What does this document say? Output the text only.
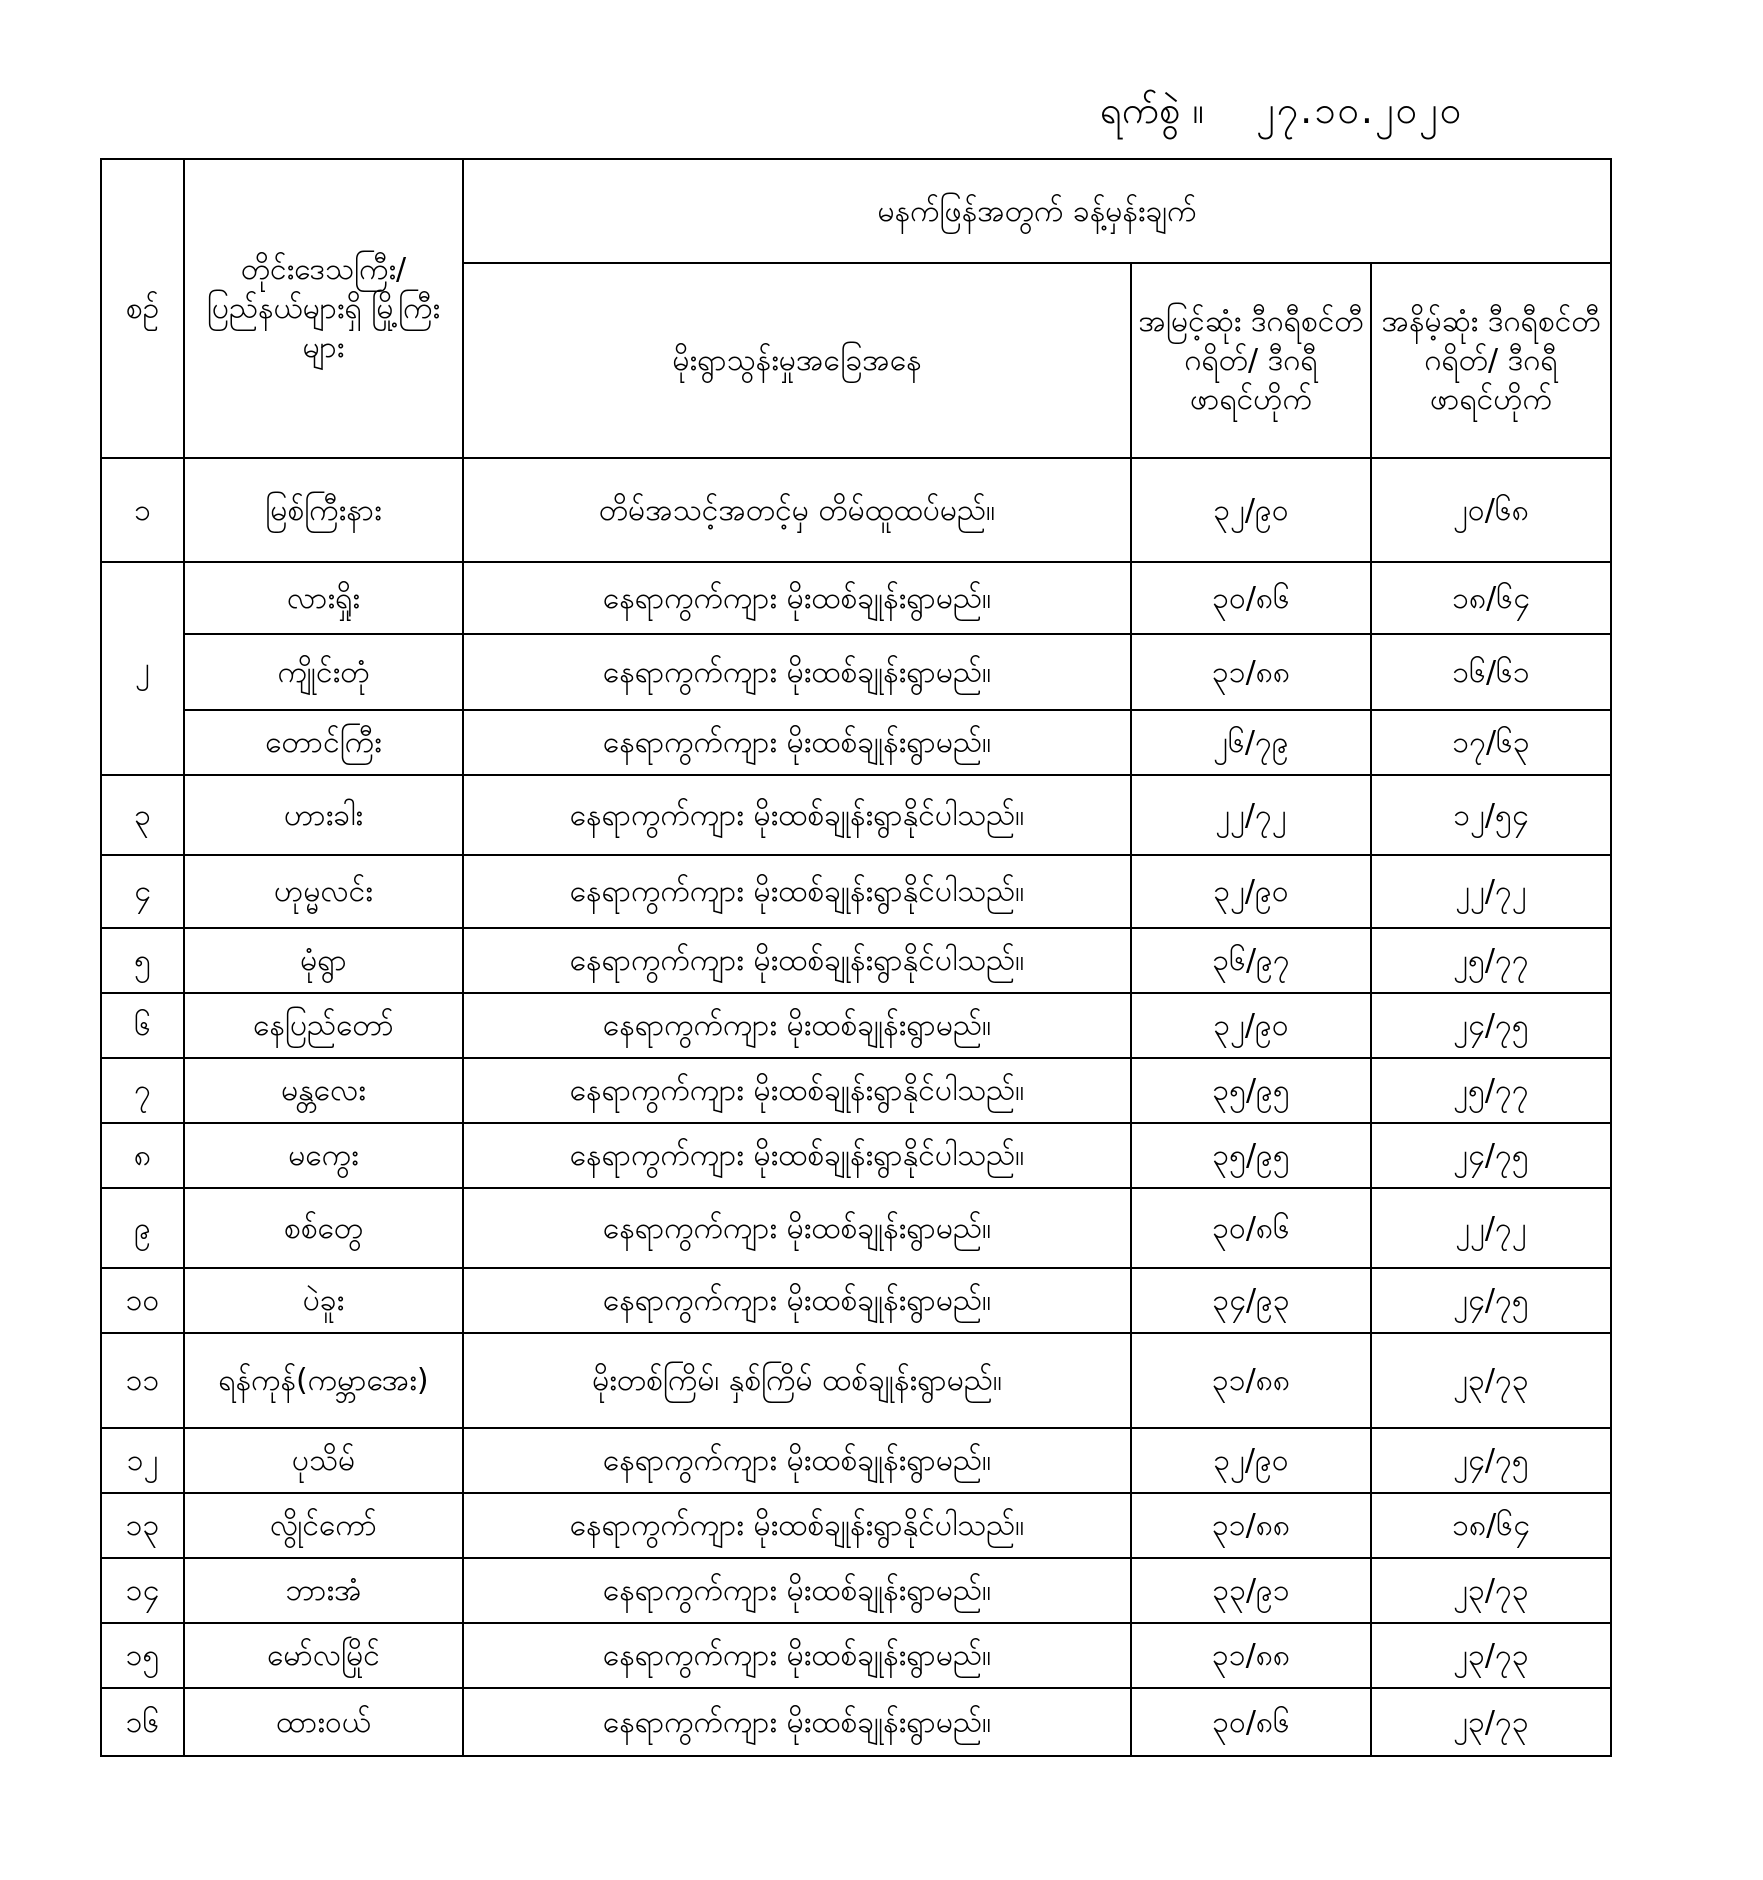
ရက်စွဲ ။ ၂၇.၁၀.၂၀၂၀
စဉ်	တိုင်းဒေသကြီး/ ပြည်နယ်များရှိ မြို့ကြီးများ	မနက်ဖြန်အတွက် ခန့်မှန်းချက်		
		မိုးရွာသွန်းမှုအခြေအနေ	အမြင့်ဆုံး ဒီဂရီစင်တီဂရိတ်/ ဒီဂရီဖာရင်ဟိုက်	အနိမ့်ဆုံး ဒီဂရီစင်တီဂရိတ်/ ဒီဂရီဖာရင်ဟိုက်
၁	မြစ်ကြီးနား	တိမ်အသင့်အတင့်မှ တိမ်ထူထပ်မည်။	၃၂/၉၀	၂၀/၆၈
၂	လားရှိုး	နေရာကွက်ကျား မိုးထစ်ချုန်းရွာမည်။	၃၀/၈၆	၁၈/၆၄
	ကျိုင်းတုံ	နေရာကွက်ကျား မိုးထစ်ချုန်းရွာမည်။	၃၁/၈၈	၁၆/၆၁
	တောင်ကြီး	နေရာကွက်ကျား မိုးထစ်ချုန်းရွာမည်။	၂၆/၇၉	၁၇/၆၃
၃	ဟားခါး	နေရာကွက်ကျား မိုးထစ်ချုန်းရွာနိုင်ပါသည်။	၂၂/၇၂	၁၂/၅၄
၄	ဟုမ္မလင်း	နေရာကွက်ကျား မိုးထစ်ချုန်းရွာနိုင်ပါသည်။	၃၂/၉၀	၂၂/၇၂
၅	မုံရွာ	နေရာကွက်ကျား မိုးထစ်ချုန်းရွာနိုင်ပါသည်။	၃၆/၉၇	၂၅/၇၇
၆	နေပြည်တော်	နေရာကွက်ကျား မိုးထစ်ချုန်းရွာမည်။	၃၂/၉၀	၂၄/၇၅
၇	မန္တလေး	နေရာကွက်ကျား မိုးထစ်ချုန်းရွာနိုင်ပါသည်။	၃၅/၉၅	၂၅/၇၇
၈	မကွေး	နေရာကွက်ကျား မိုးထစ်ချုန်းရွာနိုင်ပါသည်။	၃၅/၉၅	၂၄/၇၅
၉	စစ်တွေ	နေရာကွက်ကျား မိုးထစ်ချုန်းရွာမည်။	၃၀/၈၆	၂၂/၇၂
၁၀	ပဲခူး	နေရာကွက်ကျား မိုးထစ်ချုန်းရွာမည်။	၃၄/၉၃	၂၄/၇၅
၁၁	ရန်ကုန်(ကမ္ဘာအေး)	မိုးတစ်ကြိမ်၊ နှစ်ကြိမ် ထစ်ချုန်းရွာမည်။	၃၁/၈၈	၂၃/၇၃
၁၂	ပုသိမ်	နေရာကွက်ကျား မိုးထစ်ချုန်းရွာမည်။	၃၂/၉၀	၂၄/၇၅
၁၃	လွိုင်ကော်	နေရာကွက်ကျား မိုးထစ်ချုန်းရွာနိုင်ပါသည်။	၃၁/၈၈	၁၈/၆၄
၁၄	ဘားအံ	နေရာကွက်ကျား မိုးထစ်ချုန်းရွာမည်။	၃၃/၉၁	၂၃/၇၃
၁၅	မော်လမြိုင်	နေရာကွက်ကျား မိုးထစ်ချုန်းရွာမည်။	၃၁/၈၈	၂၃/၇၃
၁၆	ထားဝယ်	နေရာကွက်ကျား မိုးထစ်ချုန်းရွာမည်။	၃၀/၈၆	၂၃/၇၃
